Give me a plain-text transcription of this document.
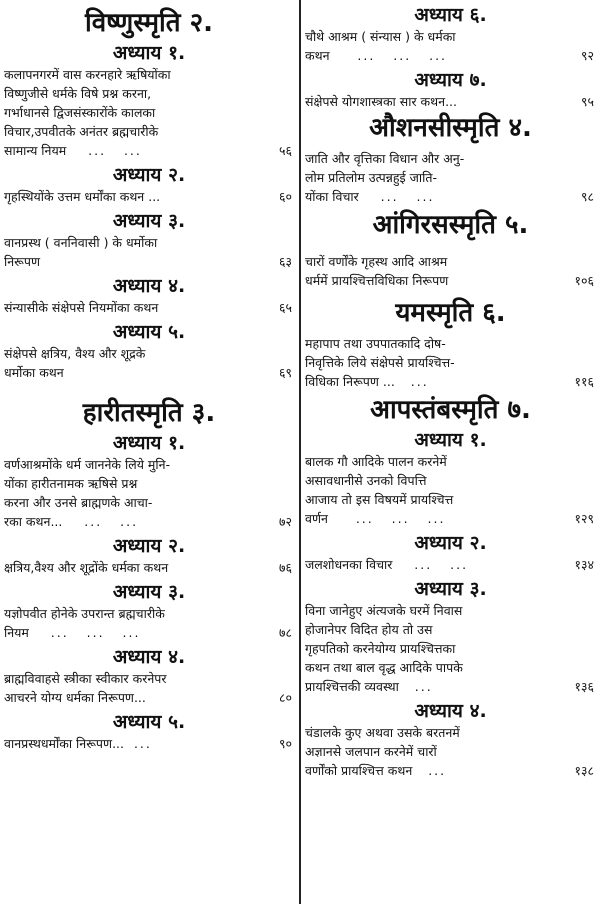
विष्णुस्मृति २.
अध्याय १.
कलापनगरमें वास करनहारे ऋषियोंका
विष्णुजीसे धर्मके विषे प्रश्न करना,
गर्भाधानसे द्विजसंस्कारोंके कालका
विचार,उपवीतके अनंतर ब्रह्मचारीके
सामान्य नियम    ...   ...	५६
अध्याय २.
गृहस्थियोंके उत्तम धर्मोंका कथन ...	६०
अध्याय ३.
वानप्रस्थ ( वननिवासी ) के धर्मोका
निरूपण	६३
अध्याय ४.
संन्यासीके संक्षेपसे नियमोंका कथन	६५
अध्याय ५.
संक्षेपसे क्षत्रिय, वैश्य और शूद्रके
धर्मोका कथन	६९
हारीतस्मृति ३.
अध्याय १.
वर्णआश्रमोंके धर्म जाननेके लिये मुनि-
योंका हारीतनामक ऋषिसे प्रश्न
करना और उनसे ब्राह्मणके आचा-
रका कथन...    ...   ...	७२
अध्याय २.
क्षत्रिय,वैश्य और शूद्रोंके धर्मका कथन	७६
अध्याय ३.
यज्ञोपवीत होनेके उपरान्त ब्रह्मचारीके
नियम    ...   ...   ...	७८
अध्याय ४.
ब्राह्मविवाहसे स्त्रीका स्वीकार करनेपर
आचरने योग्य धर्मका निरूपण...	८०
अध्याय ५.
वानप्रस्थधर्मोंका निरूपण...  ...	९०
अध्याय ६.
चौथे आश्रम ( संन्यास ) के धर्मका
कथन     ...   ...   ...	९२
अध्याय ७.
संक्षेपसे योगशास्त्रका सार कथन...	९५
औशनसीस्मृति ४.
जाति और वृत्तिका विधान और अनु-
लोम प्रतिलोम उत्पन्नहुई जाति-
योंका विचार    ...   ...	९८
आंगिरसस्मृति ५.
चारों वर्णोंके गृहस्थ आदि आश्रम
धर्ममें प्रायश्चित्तविधिका निरूपण	१०६
यमस्मृति ६.
महापाप तथा उपपातकादि दोष-
निवृत्तिके लिये संक्षेपसे प्रायश्चित्त-
विधिका निरूपण ...   ...	११६
आपस्तंबस्मृति ७.
अध्याय १.
बालक गौ आदिके पालन करनेमें
असावधानीसे उनको विपत्ति
आजाय तो इस विषयमें प्रायश्चित्त
वर्णन     ...   ...   ...	१२९
अध्याय २.
जलशोधनका विचार    ...   ...	१३४
अध्याय ३.
विना जानेहुए अंत्यजके घरमें निवास
होजानेपर विदित होय तो उस
गृहपतिको करनेयोग्य प्रायश्चित्तका
कथन तथा बाल वृद्ध आदिके पापके
प्रायश्चित्तकी व्यवस्था   ...	१३६
अध्याय ४.
चंडालके कुए अथवा उसके बरतनमें
अज्ञानसे जलपान करनेमें चारों
वर्णोंको प्रायश्चित्त कथन   ...	१३८
